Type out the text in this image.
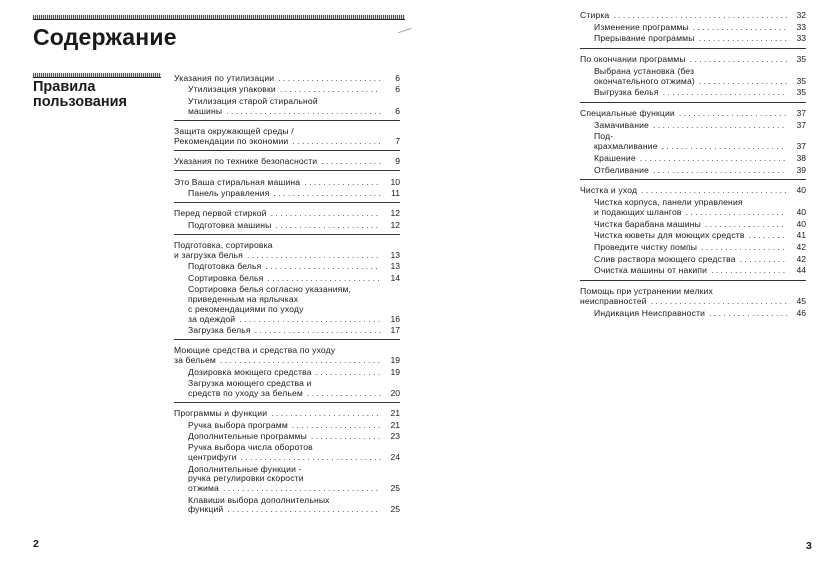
Содержание
Правила
пользования
Указания по утилизации . . . . . . . . . . . . . . . . . . . . . .	6
Утилизация упаковки . . . . . . . . . . . . . . . . . . . . .	6
Утилизация старой стиральной
машины . . . . . . . . . . . . . . . . . . . . . . . . . . . . . . . . .	6
Защита окружающей среды /
Рекомендации по экономии . . . . . . . . . . . . . . . . . . .	7
Указания по технике безопасности . . . . . . . . . . . . .	9
Это Ваша стиральная машина . . . . . . . . . . . . . . . .	10
Панель управления . . . . . . . . . . . . . . . . . . . . . . .	11
Перед первой стиркой . . . . . . . . . . . . . . . . . . . . . . .	12
Подготовка машины . . . . . . . . . . . . . . . . . . . . . .	12
Подготовка, сортировка
и загрузка белья . . . . . . . . . . . . . . . . . . . . . . . . . . . .	13
Подготовка белья . . . . . . . . . . . . . . . . . . . . . . . .	13
Сортировка белья . . . . . . . . . . . . . . . . . . . . . . . .	14
Сортировка белья согласно указаниям,
приведенным на ярлычках
с рекомендациями по уходу
за одеждой . . . . . . . . . . . . . . . . . . . . . . . . . . . . . .	16
Загрузка белья . . . . . . . . . . . . . . . . . . . . . . . . . . .	17
Моющие средства и средства по уходу
за бельем . . . . . . . . . . . . . . . . . . . . . . . . . . . . . . . . . .	19
Дозировка моющего средства . . . . . . . . . . . . . .	19
Загрузка моющего средства и
средств по уходу за бельем . . . . . . . . . . . . . . . .	20
Программы и функции . . . . . . . . . . . . . . . . . . . . . . .	21
Ручка выбора программ . . . . . . . . . . . . . . . . . . .	21
Дополнительные программы . . . . . . . . . . . . . . .	23
Ручка выбора числа оборотов
центрифуги . . . . . . . . . . . . . . . . . . . . . . . . . . . . . .	24
Дополнительные функции -
ручка регулировки скорости
отжима . . . . . . . . . . . . . . . . . . . . . . . . . . . . . . . . .	25
Клавиши выбора дополнительных
функций . . . . . . . . . . . . . . . . . . . . . . . . . . . . . . . .	25
Стирка . . . . . . . . . . . . . . . . . . . . . . . . . . . . . . . . . . . . .	32
Изменение программы . . . . . . . . . . . . . . . . . . . .	33
Прерывание программы . . . . . . . . . . . . . . . . . . .	33
По окончании программы . . . . . . . . . . . . . . . . . . . . .	35
Выбрана установка (без
окончательного отжима) . . . . . . . . . . . . . . . . . . .	35
Выгрузка белья . . . . . . . . . . . . . . . . . . . . . . . . . .	35
Специальные функции . . . . . . . . . . . . . . . . . . . . . . .	37
Замачивание . . . . . . . . . . . . . . . . . . . . . . . . . . . .	37
Под-
крахмаливание . . . . . . . . . . . . . . . . . . . . . . . . . .	37
Крашение . . . . . . . . . . . . . . . . . . . . . . . . . . . . . . .	38
Отбеливание . . . . . . . . . . . . . . . . . . . . . . . . . . . .	39
Чистка и уход . . . . . . . . . . . . . . . . . . . . . . . . . . . . . . .	40
Чистка корпуса, панели управления
и подающих шлангов . . . . . . . . . . . . . . . . . . . . .	40
Чистка барабана машины . . . . . . . . . . . . . . . . .	40
Чистка кюветы для моющих средств . . . . . . . .	41
Проведите чистку помпы . . . . . . . . . . . . . . . . . .	42
Слив раствора моющего средства . . . . . . . . . .	42
Очистка машины от накипи . . . . . . . . . . . . . . . .	44
Помощь при устранении мелких
неисправностей . . . . . . . . . . . . . . . . . . . . . . . . . . . . .	45
Индикация Неисправности . . . . . . . . . . . . . . . . . 46
2	3
